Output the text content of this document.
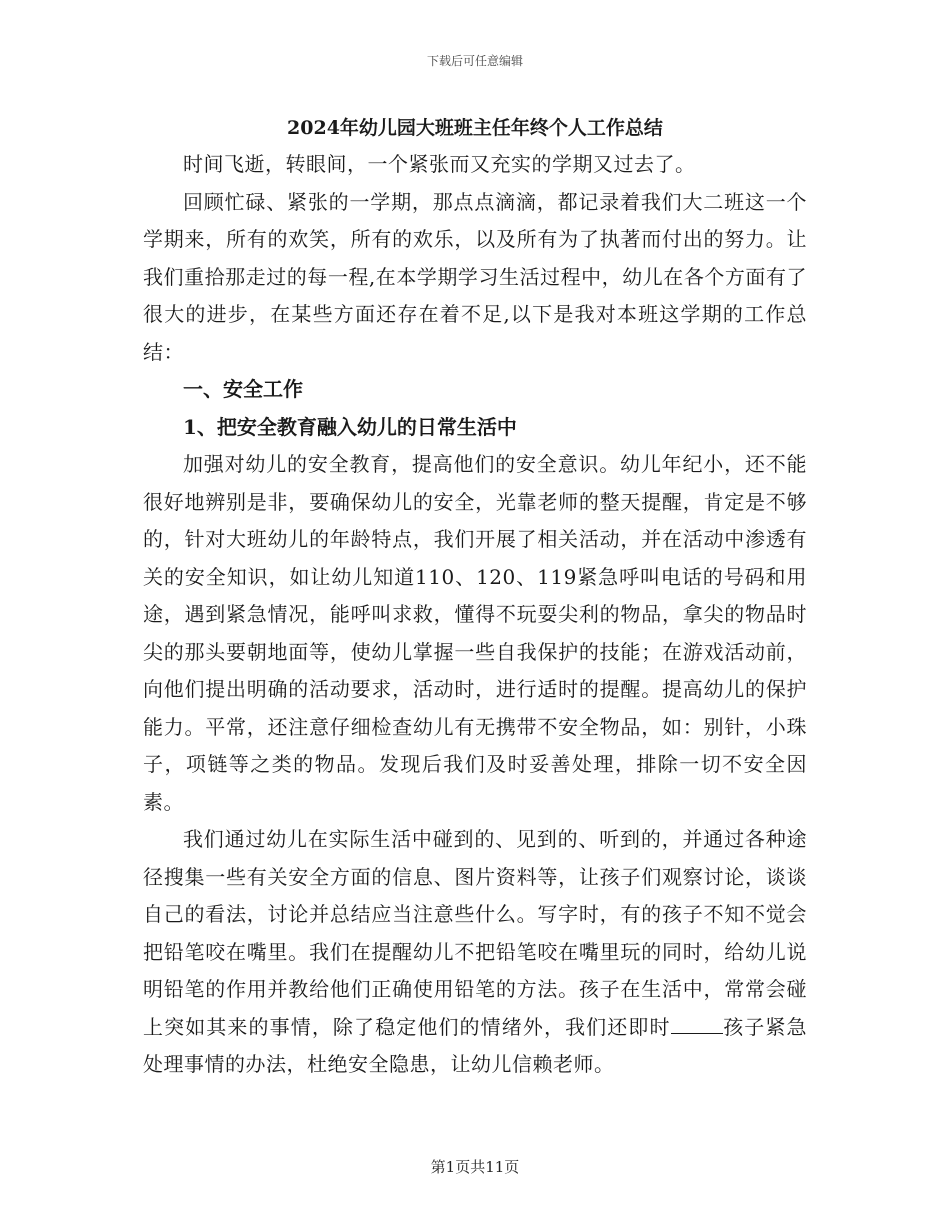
下载后可任意编辑
2024年幼儿园大班班主任年终个人工作总结

时间飞逝，转眼间，一个紧张而又充实的学期又过去了。

回顾忙碌、紧张的一学期，那点点滴滴，都记录着我们大二班这一个学期来，所有的欢笑，所有的欢乐，以及所有为了执著而付出的努力。让我们重拾那走过的每一程,在本学期学习生活过程中，幼儿在各个方面有了很大的进步，在某些方面还存在着不足,以下是我对本班这学期的工作总结：

一、安全工作

1、把安全教育融入幼儿的日常生活中

加强对幼儿的安全教育，提高他们的安全意识。幼儿年纪小，还不能很好地辨别是非，要确保幼儿的安全，光靠老师的整天提醒，肯定是不够的，针对大班幼儿的年龄特点，我们开展了相关活动，并在活动中渗透有关的安全知识，如让幼儿知道110、120、119紧急呼叫电话的号码和用途，遇到紧急情况，能呼叫求救，懂得不玩耍尖利的物品，拿尖的物品时尖的那头要朝地面等，使幼儿掌握一些自我保护的技能；在游戏活动前，向他们提出明确的活动要求，活动时，进行适时的提醒。提高幼儿的保护能力。平常，还注意仔细检查幼儿有无携带不安全物品，如：别针，小珠子，项链等之类的物品。发现后我们及时妥善处理，排除一切不安全因素。

我们通过幼儿在实际生活中碰到的、见到的、听到的，并通过各种途径搜集一些有关安全方面的信息、图片资料等，让孩子们观察讨论，谈谈自己的看法，讨论并总结应当注意些什么。写字时，有的孩子不知不觉会把铅笔咬在嘴里。我们在提醒幼儿不把铅笔咬在嘴里玩的同时，给幼儿说明铅笔的作用并教给他们正确使用铅笔的方法。孩子在生活中，常常会碰上突如其来的事情，除了稳定他们的情绪外，我们还即时	孩子紧急处理事情的办法，杜绝安全隐患，让幼儿信赖老师。

第1页共11页
